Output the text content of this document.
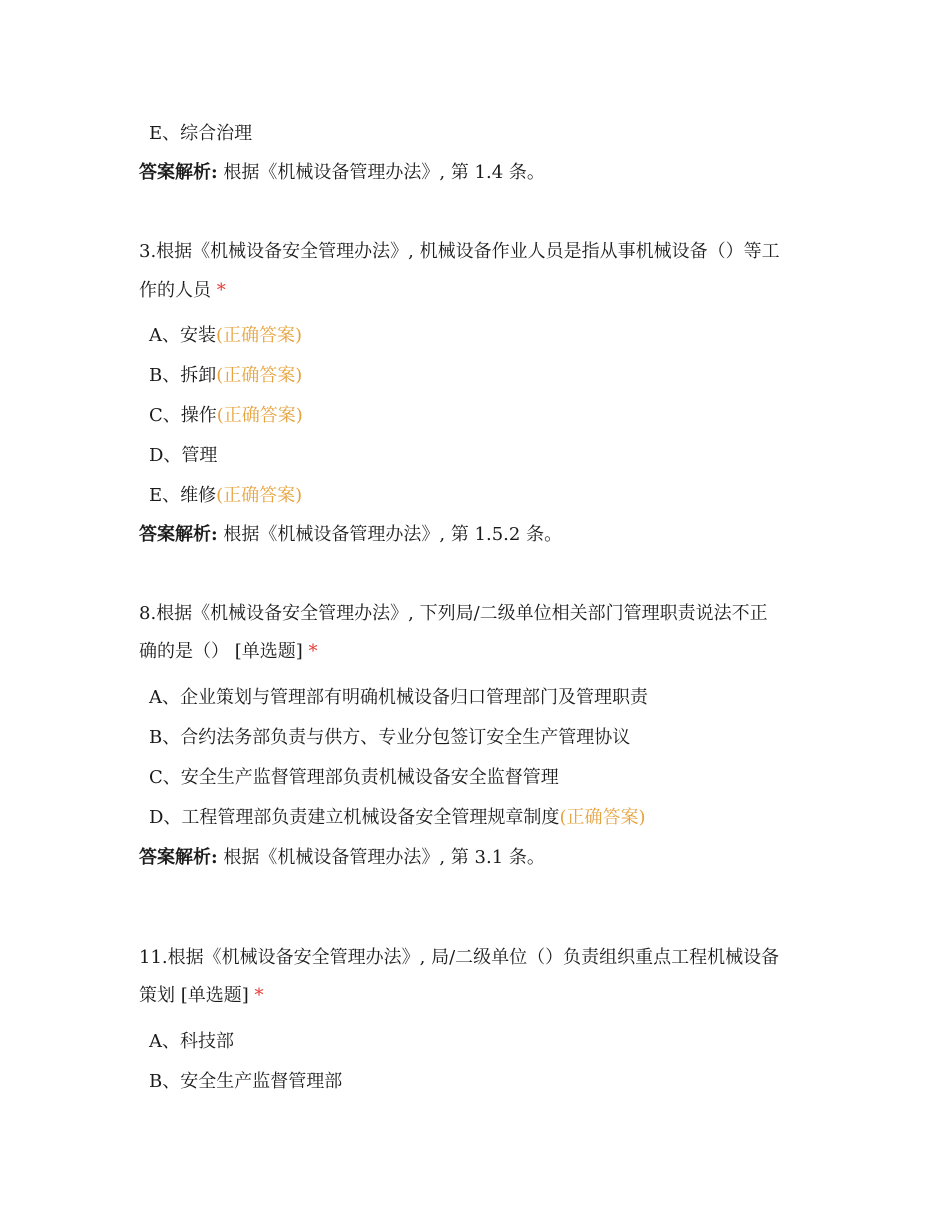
E、综合治理
答案解析: 根据《机械设备管理办法》, 第 1.4 条。
3.根据《机械设备安全管理办法》, 机械设备作业人员是指从事机械设备（）等工
作的人员 *
A、安装(正确答案)
B、拆卸(正确答案)
C、操作(正确答案)
D、管理
E、维修(正确答案)
答案解析: 根据《机械设备管理办法》, 第 1.5.2 条。
8.根据《机械设备安全管理办法》, 下列局/二级单位相关部门管理职责说法不正
确的是（） [单选题] *
A、企业策划与管理部有明确机械设备归口管理部门及管理职责
B、合约法务部负责与供方、专业分包签订安全生产管理协议
C、安全生产监督管理部负责机械设备安全监督管理
D、工程管理部负责建立机械设备安全管理规章制度(正确答案)
答案解析: 根据《机械设备管理办法》, 第 3.1 条。
11.根据《机械设备安全管理办法》, 局/二级单位（）负责组织重点工程机械设备
策划 [单选题] *
A、科技部
B、安全生产监督管理部
